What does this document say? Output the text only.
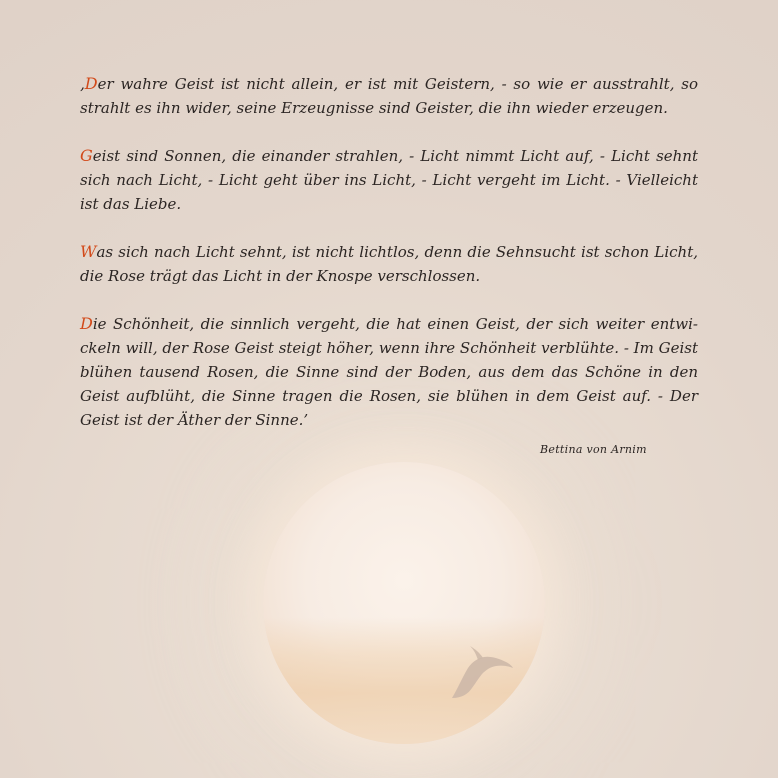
‚Der wahre Geist ist nicht allein, er ist mit Geistern, - so wie er ausstrahlt, so strahlt es ihn wider, seine Erzeugnisse sind Geister, die ihn wieder erzeugen.

Geist sind Sonnen, die einander strahlen, - Licht nimmt Licht auf, - Licht sehnt sich nach Licht, - Licht geht über ins Licht, - Licht vergeht im Licht. - Vielleicht ist das Liebe.

Was sich nach Licht sehnt, ist nicht lichtlos, denn die Sehnsucht ist schon Licht, die Rose trägt das Licht in der Knospe verschlossen.

Die Schönheit, die sinnlich vergeht, die hat einen Geist, der sich weiter entwickeln will, der Rose Geist steigt höher, wenn ihre Schönheit verblühte. - Im Geist blühen tausend Rosen, die Sinne sind der Boden, aus dem das Schöne in den Geist aufblüht, die Sinne tragen die Rosen, sie blühen in dem Geist auf. - Der Geist ist der Äther der Sinne.’

Bettina von Arnim
